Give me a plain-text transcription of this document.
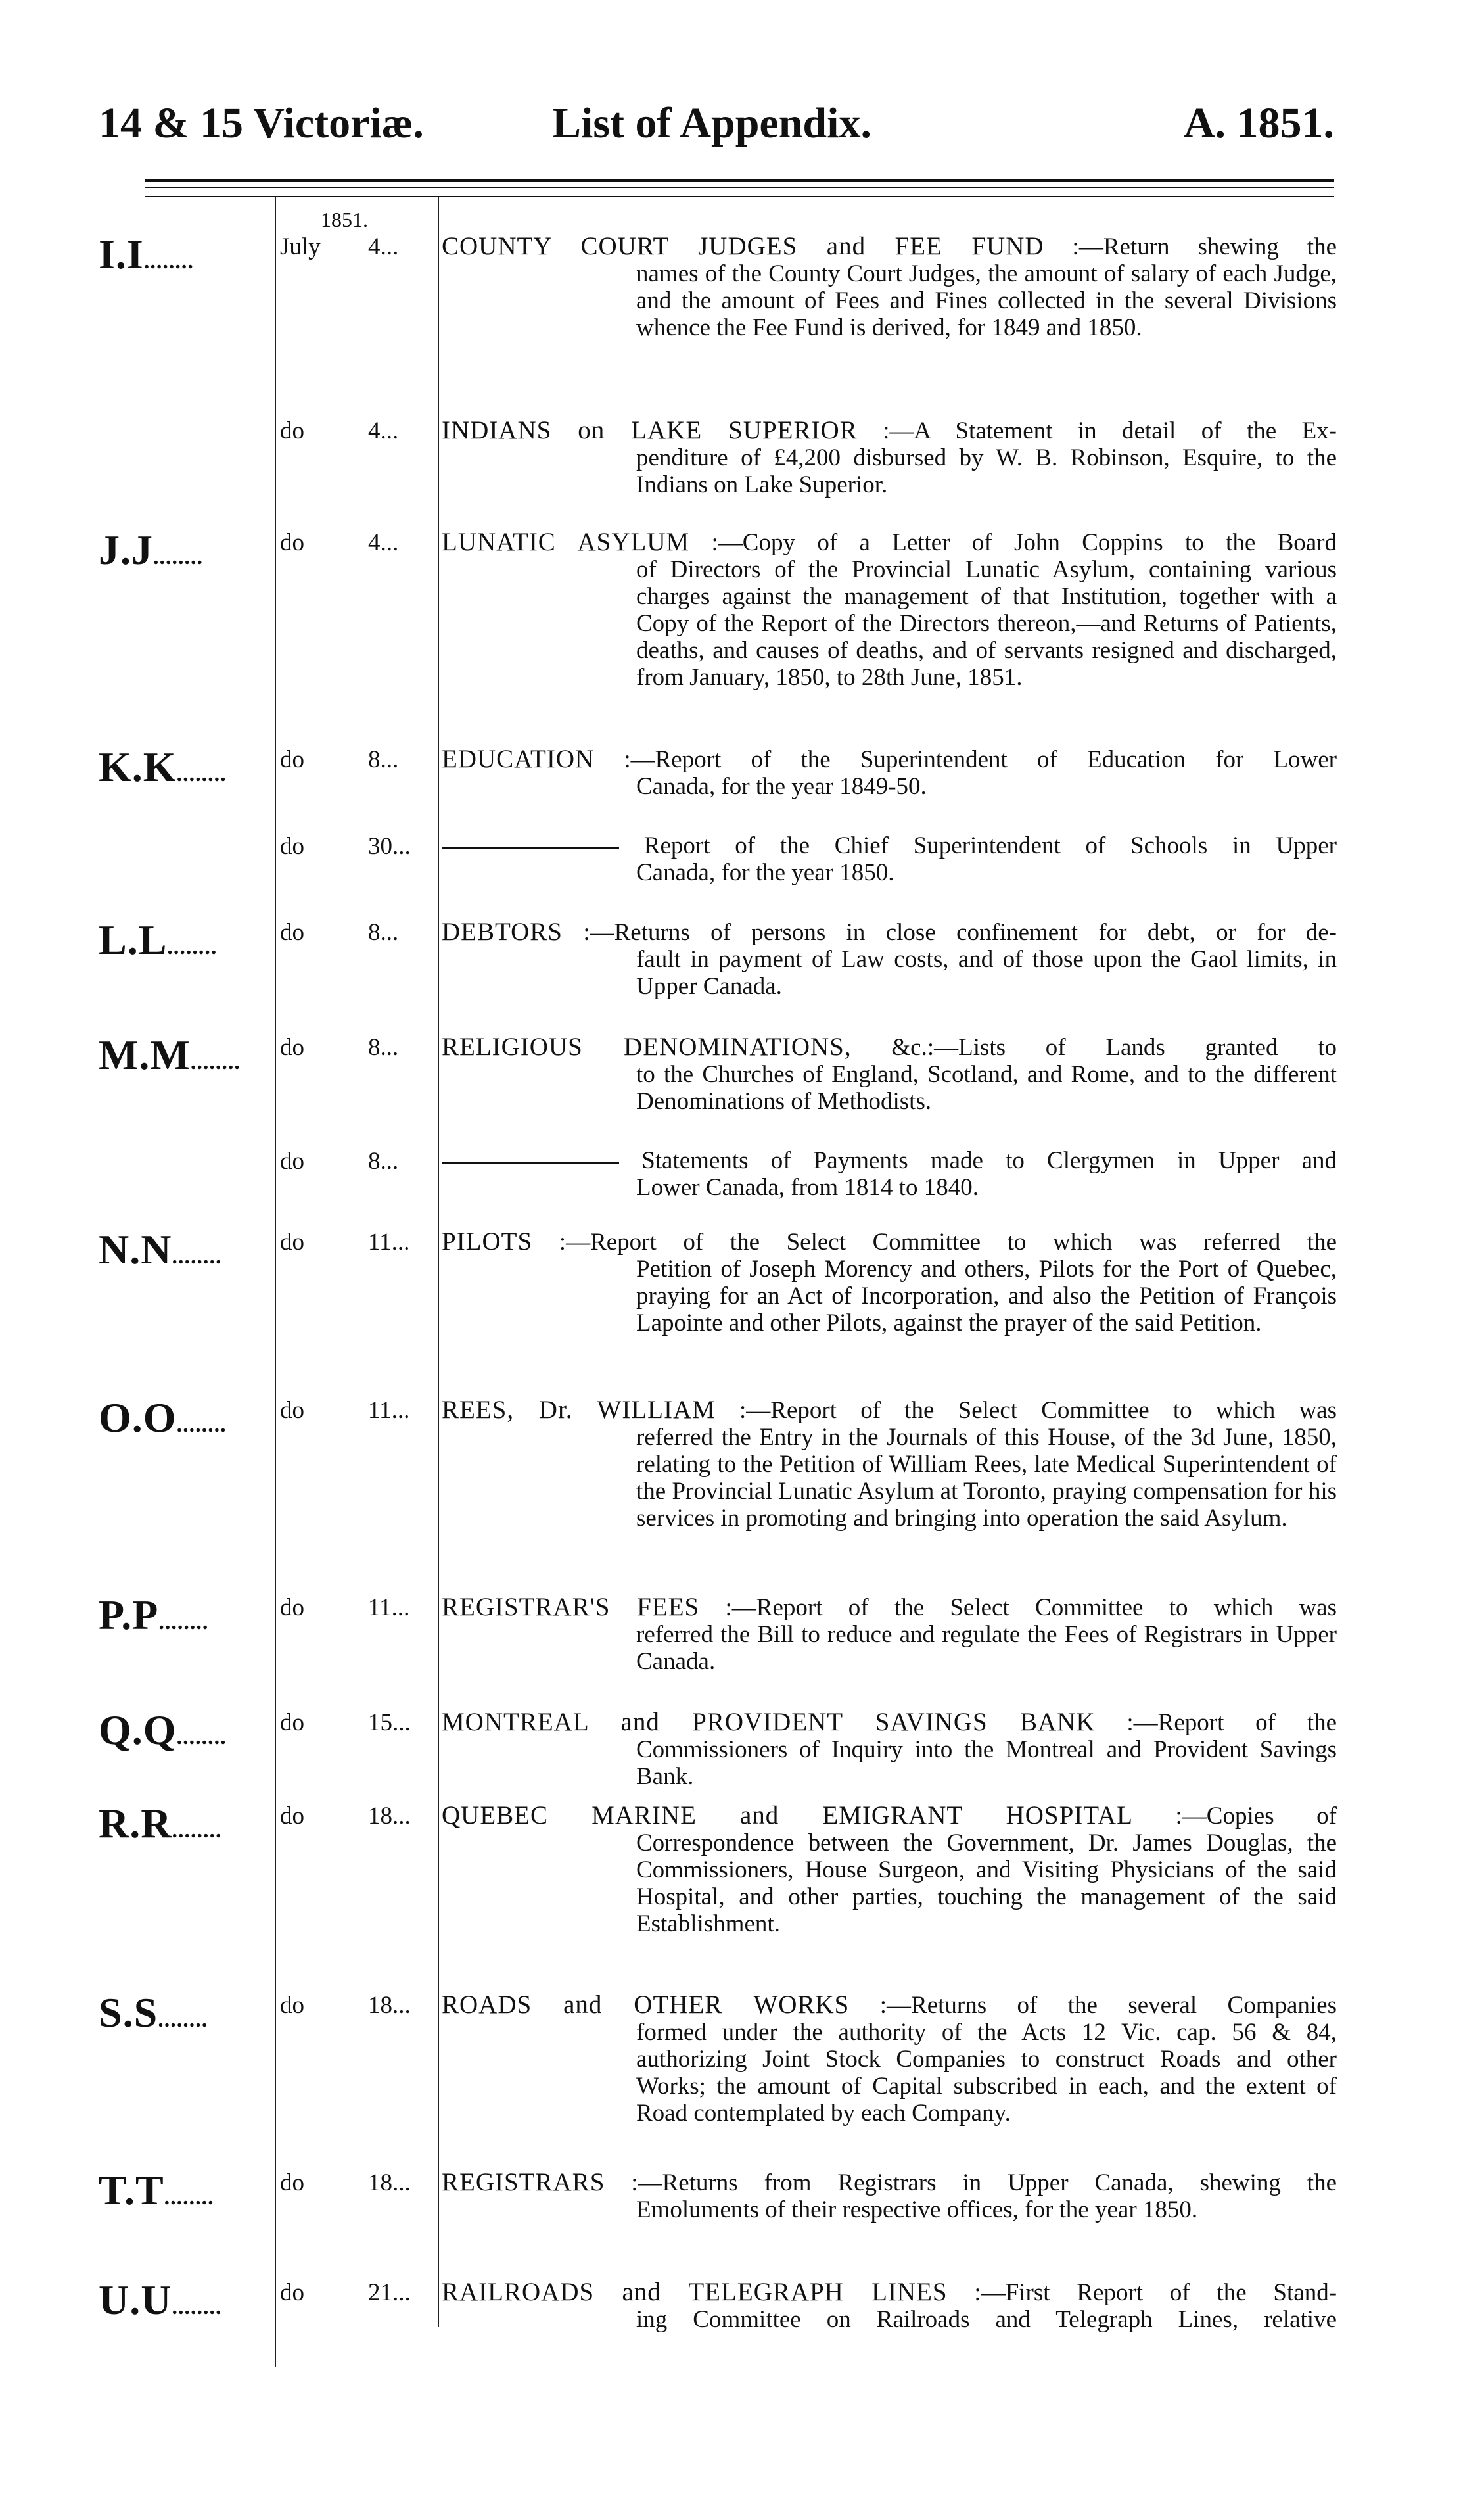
14 & 15 Victoriæ.	List of Appendix.	A. 1851.
1851.
I.I........
July 4... COUNTY COURT JUDGES and FEE FUND :—Return shewing the
names of the County Court Judges, the amount of salary of each Judge, and the amount of Fees and Fines collected in the several Divisions whence the Fee Fund is derived, for 1849 and 1850.
do	4... INDIANS on LAKE SUPERIOR :—A Statement in detail of the Ex-
penditure of £4,200 disbursed by W. B. Robinson, Esquire, to the Indians on Lake Superior.
J.J........
do	4... LUNATIC ASYLUM :—Copy of a Letter of John Coppins to the Board
of Directors of the Provincial Lunatic Asylum, containing various charges against the management of that Institution, together with a Copy of the Report of the Directors thereon,—and Returns of Patients, deaths, and causes of deaths, and of servants resigned and discharged, from January, 1850, to 28th June, 1851.
K.K........
do	8... EDUCATION :—Report of the Superintendent of Education for Lower
Canada, for the year 1849-50.
do	30...	Report of the Chief Superintendent of Schools in Upper
Canada, for the year 1850.
L.L........
do	8... DEBTORS :—Returns of persons in close confinement for debt, or for de-
fault in payment of Law costs, and of those upon the Gaol limits, in Upper Canada.
M.M........
do	8... RELIGIOUS DENOMINATIONS, &c.:—Lists of Lands granted to
to the Churches of England, Scotland, and Rome, and to the different Denominations of Methodists.
do	8...	Statements of Payments made to Clergymen in Upper and
Lower Canada, from 1814 to 1840.
N.N........
do	11... PILOTS :—Report of the Select Committee to which was referred the
Petition of Joseph Morency and others, Pilots for the Port of Quebec, praying for an Act of Incorporation, and also the Petition of François Lapointe and other Pilots, against the prayer of the said Petition.
O.O........
do	11... REES, Dr. WILLIAM :—Report of the Select Committee to which was
referred the Entry in the Journals of this House, of the 3d June, 1850, relating to the Petition of William Rees, late Medical Superintendent of the Provincial Lunatic Asylum at Toronto, praying compensation for his services in promoting and bringing into operation the said Asylum.
P.P........
do	11... REGISTRAR'S FEES :—Report of the Select Committee to which was
referred the Bill to reduce and regulate the Fees of Registrars in Upper Canada.
Q.Q........
do	15... MONTREAL and PROVIDENT SAVINGS BANK :—Report of the
Commissioners of Inquiry into the Montreal and Provident Savings Bank.
R.R........
do	18... QUEBEC MARINE and EMIGRANT HOSPITAL :—Copies of
Correspondence between the Government, Dr. James Douglas, the Commissioners, House Surgeon, and Visiting Physicians of the said Hospital, and other parties, touching the management of the said Establishment.
S.S........
do	18... ROADS and OTHER WORKS :—Returns of the several Companies
formed under the authority of the Acts 12 Vic. cap. 56 & 84, authorizing Joint Stock Companies to construct Roads and other Works; the amount of Capital subscribed in each, and the extent of Road contemplated by each Company.
T.T........
do	18... REGISTRARS :—Returns from Registrars in Upper Canada, shewing the
Emoluments of their respective offices, for the year 1850.
U.U........
do	21... RAILROADS and TELEGRAPH LINES :—First Report of the Stand-
ing Committee on Railroads and Telegraph Lines, relative
